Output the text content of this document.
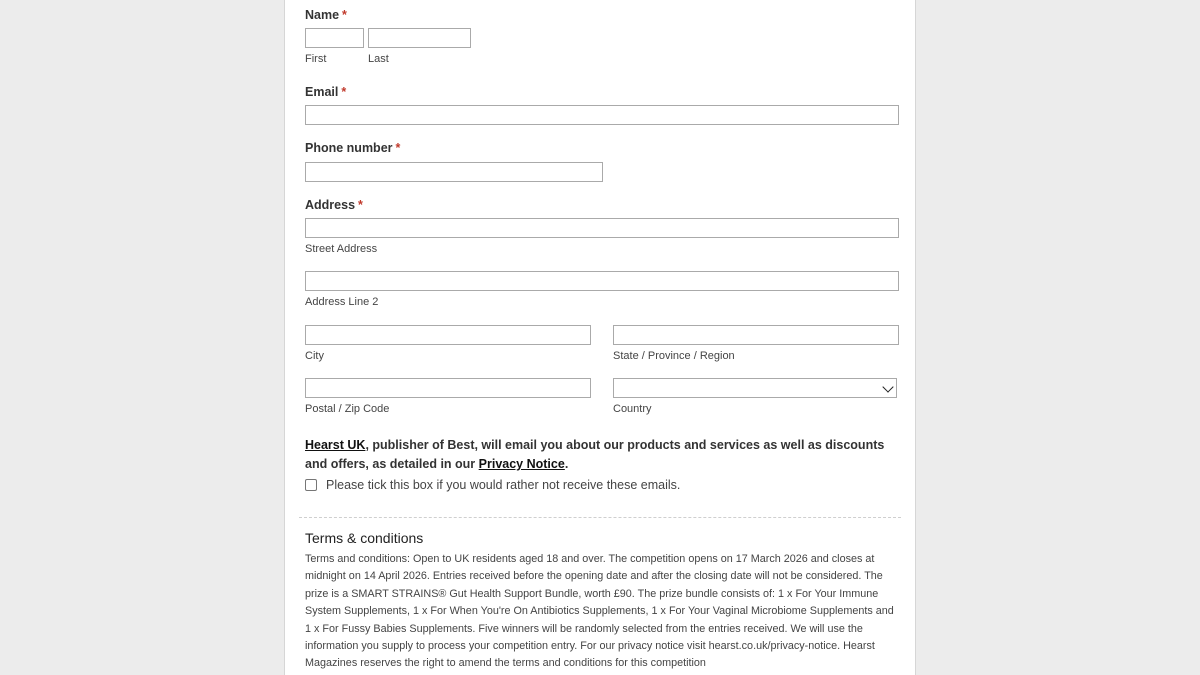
Name *
First	Last
Email *
Phone number *
Address *
Street Address
Address Line 2
City	State / Province / Region
Postal / Zip Code	Country
Hearst UK, publisher of Best, will email you about our products and services as well as discounts and offers, as detailed in our Privacy Notice.
Please tick this box if you would rather not receive these emails.
Terms & conditions
Terms and conditions: Open to UK residents aged 18 and over. The competition opens on 17 March 2026 and closes at midnight on 14 April 2026. Entries received before the opening date and after the closing date will not be considered. The prize is a SMART STRAINS® Gut Health Support Bundle, worth £90. The prize bundle consists of: 1 x For Your Immune System Supplements, 1 x For When You're On Antibiotics Supplements, 1 x For Your Vaginal Microbiome Supplements and 1 x For Fussy Babies Supplements. Five winners will be randomly selected from the entries received. We will use the information you supply to process your competition entry. For our privacy notice visit hearst.co.uk/privacy-notice. Hearst Magazines reserves the right to amend the terms and conditions for this competition
